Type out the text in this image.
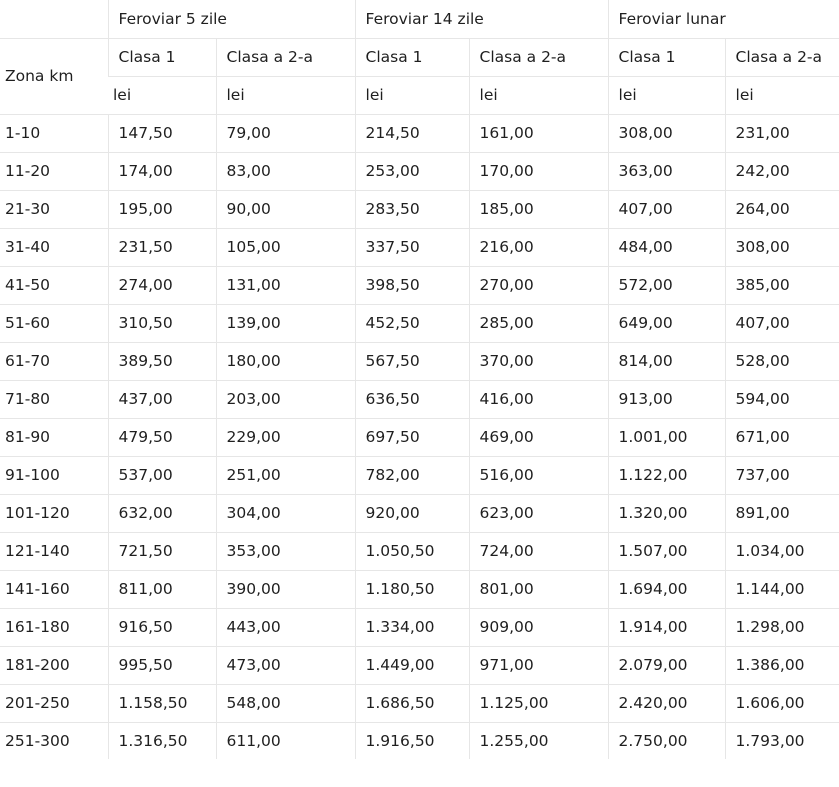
	Feroviar 5 zile		Feroviar 14 zile		Feroviar lunar	
Zona km	Clasa 1	Clasa a 2-a	Clasa 1	Clasa a 2-a	Clasa 1	Clasa a 2-a
	lei	lei	lei	lei	lei	lei
1-10	147,50	79,00	214,50	161,00	308,00	231,00
11-20	174,00	83,00	253,00	170,00	363,00	242,00
21-30	195,00	90,00	283,50	185,00	407,00	264,00
31-40	231,50	105,00	337,50	216,00	484,00	308,00
41-50	274,00	131,00	398,50	270,00	572,00	385,00
51-60	310,50	139,00	452,50	285,00	649,00	407,00
61-70	389,50	180,00	567,50	370,00	814,00	528,00
71-80	437,00	203,00	636,50	416,00	913,00	594,00
81-90	479,50	229,00	697,50	469,00	1.001,00	671,00
91-100	537,00	251,00	782,00	516,00	1.122,00	737,00
101-120	632,00	304,00	920,00	623,00	1.320,00	891,00
121-140	721,50	353,00	1.050,50	724,00	1.507,00	1.034,00
141-160	811,00	390,00	1.180,50	801,00	1.694,00	1.144,00
161-180	916,50	443,00	1.334,00	909,00	1.914,00	1.298,00
181-200	995,50	473,00	1.449,00	971,00	2.079,00	1.386,00
201-250	1.158,50	548,00	1.686,50	1.125,00	2.420,00	1.606,00
251-300	1.316,50	611,00	1.916,50	1.255,00	2.750,00	1.793,00
